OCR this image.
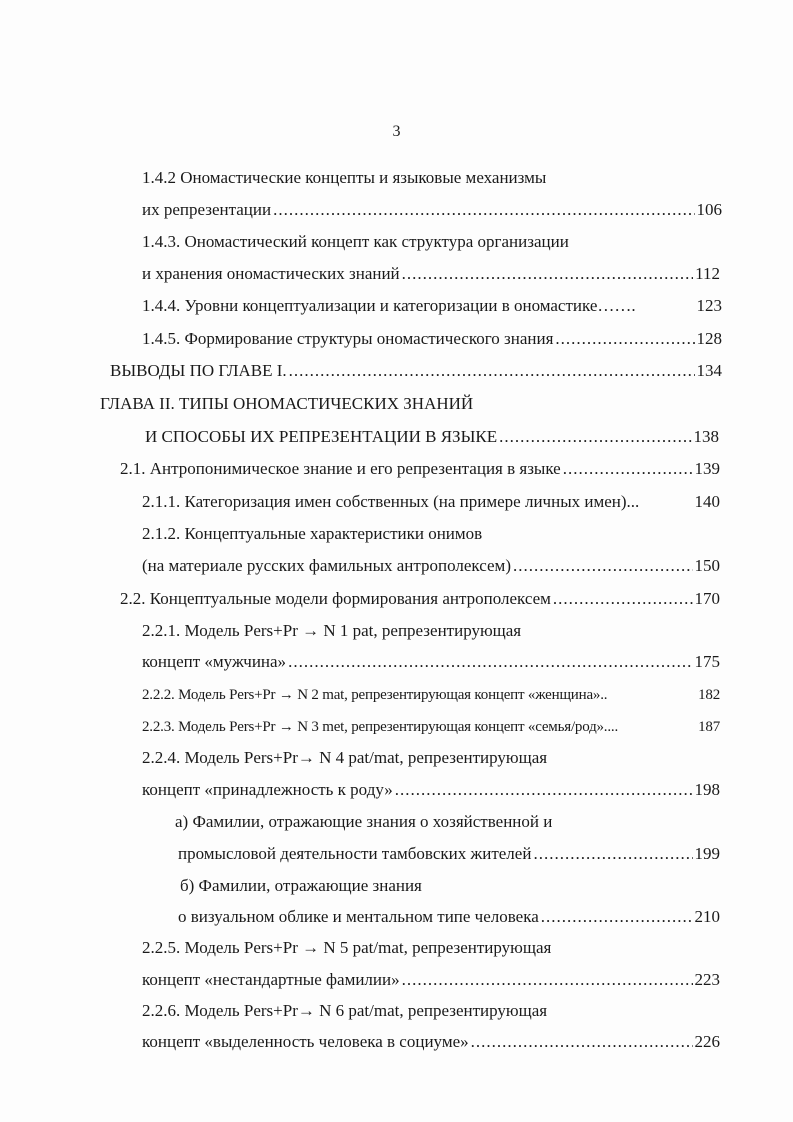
3
1.4.2 Ономастические концепты и языковые механизмы
их репрезентации .....	106
1.4.3. Ономастический концепт как структура организации
и хранения ономастических знаний .....	112
1.4.4. Уровни концептуализации и категоризации в ономастике…….	123
1.4.5. Формирование структуры ономастического знания .....	128
ВЫВОДЫ ПО ГЛАВЕ I. .....	134
ГЛАВА II. ТИПЫ ОНОМАСТИЧЕСКИХ ЗНАНИЙ
И СПОСОБЫ ИХ РЕПРЕЗЕНТАЦИИ В ЯЗЫКЕ .....	138
2.1. Антропонимическое знание и его репрезентация в языке .....	139
2.1.1. Категоризация имен собственных (на примере личных имен)...	140
2.1.2. Концептуальные характеристики онимов
(на материале русских фамильных антрополексем) .....	150
2.2. Концептуальные модели формирования антрополексем .....	170
2.2.1. Модель Pers+Pr → N 1 pat, репрезентирующая
концепт «мужчина» .....	175
2.2.2. Модель Pers+Pr → N 2 mat, репрезентирующая концепт «женщина»..	182
2.2.3. Модель Pers+Pr → N 3 met, репрезентирующая концепт «семья/род»....	187
2.2.4. Модель Pers+Pr→ N 4 pat/mat, репрезентирующая
концепт «принадлежность к роду» .....	198
а) Фамилии, отражающие знания о хозяйственной и
промысловой деятельности тамбовских жителей .....	199
б) Фамилии, отражающие знания
о визуальном облике и ментальном типе человека .....	210
2.2.5. Модель Pers+Pr → N 5 pat/mat, репрезентирующая
концепт «нестандартные фамилии» .....	223
2.2.6. Модель Pers+Pr→ N 6 pat/mat, репрезентирующая
концепт «выделенность человека в социуме» .....	226
